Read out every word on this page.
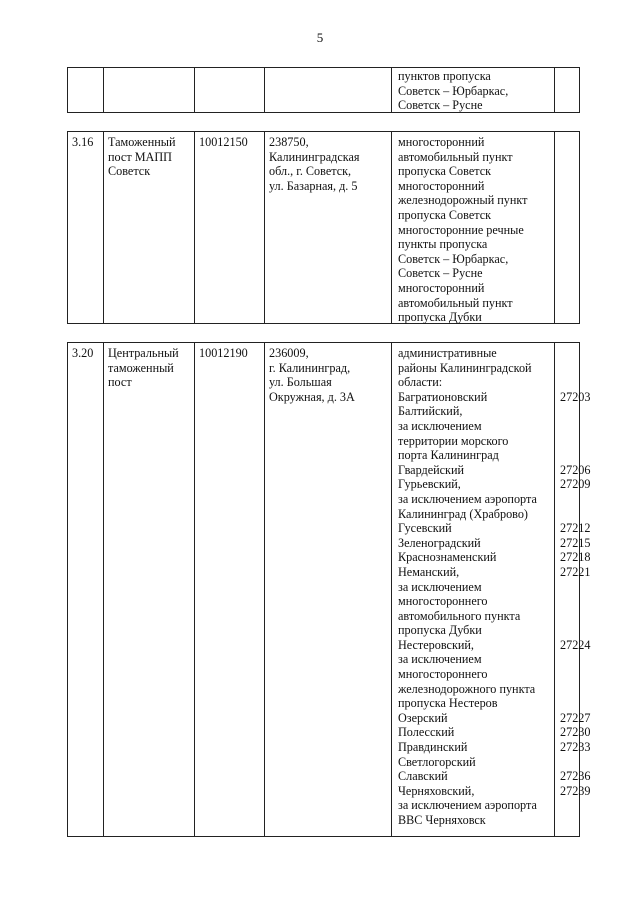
5
пунктов пропуска
Советск – Юрбаркас,
Советск – Русне
3.16 Таможенный
пост МАПП
Советск
10012150 238750,
Калининградская
обл., г. Советск,
ул. Базарная, д. 5
многосторонний
автомобильный пункт
пропуска Советск
многосторонний
железнодорожный пункт
пропуска Советск
многосторонние речные
пункты пропуска
Советск – Юрбаркас,
Советск – Русне
многосторонний
автомобильный пункт
пропуска Дубки
3.20 Центральный
таможенный
пост
10012190 236009,
г. Калининград,
ул. Большая
Окружная, д. 3А
административные
районы Калининградской
области:
Багратионовский
Балтийский,
за исключением
территории морского
порта Калининград
Гвардейский
Гурьевский,
за исключением аэропорта
Калининград (Храброво)
Гусевский
Зеленоградский
Краснознаменский
Неманский,
за исключением
многостороннего
автомобильного пункта
пропуска Дубки
Нестеровский,
за исключением
многостороннего
железнодорожного пункта
пропуска Нестеров
Озерский
Полесский
Правдинский
Светлогорский
Славский
Черняховский,
за исключением аэропорта
ВВС Черняховск

27203

27206
27209

27212
27215
27218
27221

27224

27227
27230
27233

27236
27239
